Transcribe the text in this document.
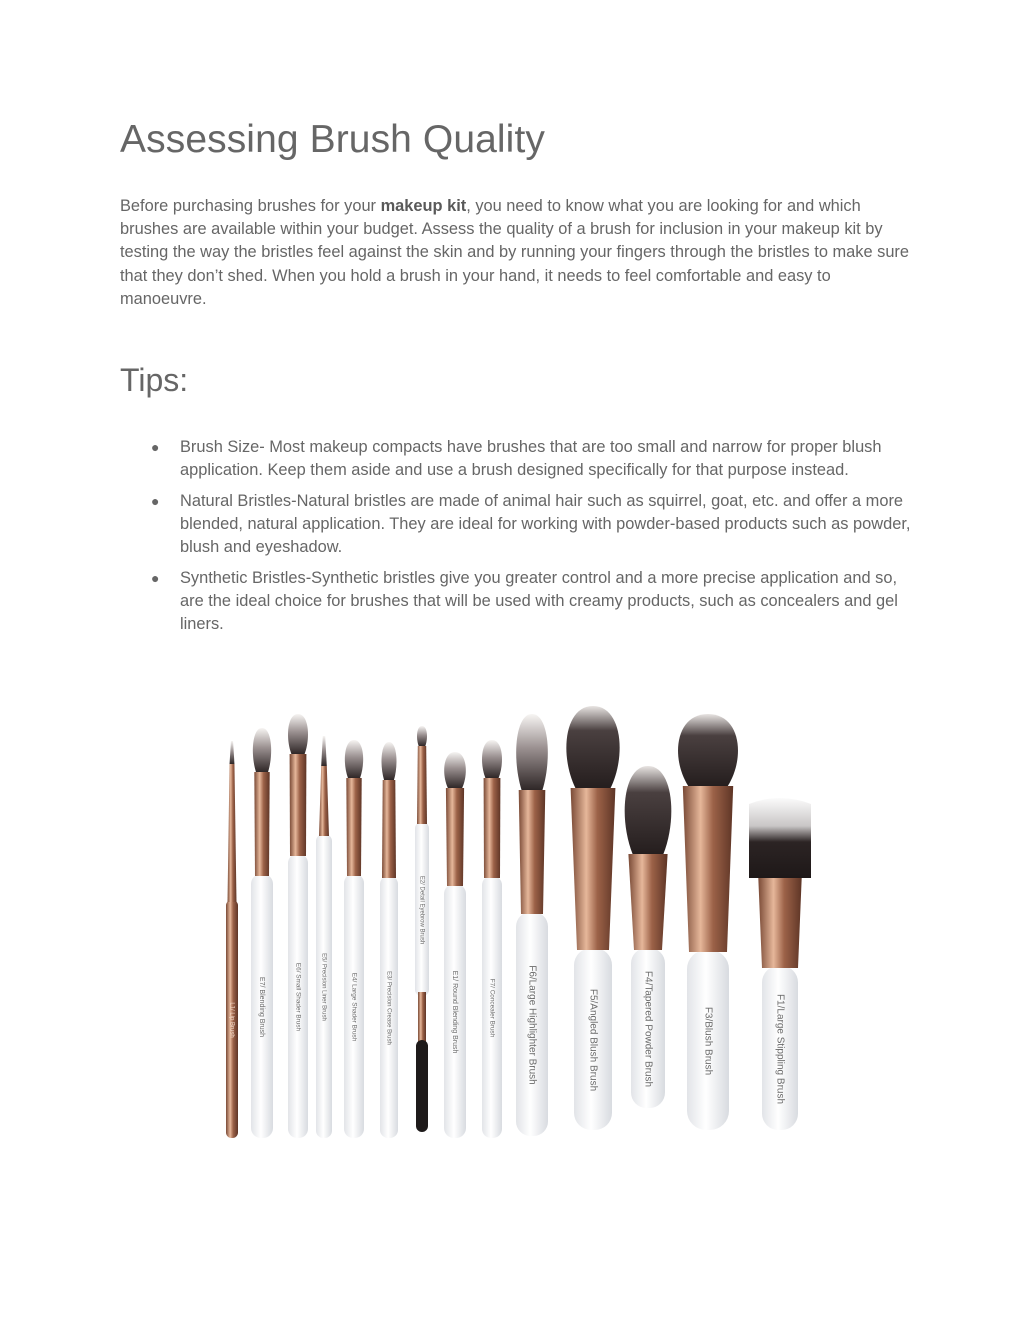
Assessing Brush Quality

Before purchasing brushes for your makeup kit, you need to know what you are looking for and which brushes are available within your budget. Assess the quality of a brush for inclusion in your makeup kit by testing the way the bristles feel against the skin and by running your fingers through the bristles to make sure that they don’t shed. When you hold a brush in your hand, it needs to feel comfortable and easy to manoeuvre.

Tips:
● Brush Size- Most makeup compacts have brushes that are too small and narrow for proper blush application. Keep them aside and use a brush designed specifically for that purpose instead.
● Natural Bristles-Natural bristles are made of animal hair such as squirrel, goat, etc. and offer a more blended, natural application. They are ideal for working with powder-based products such as powder, blush and eyeshadow.
● Synthetic Bristles-Synthetic bristles give you greater control and a more precise application and so, are the ideal choice for brushes that will be used with creamy products, such as concealers and gel liners.
L1/ Lip Brush	E7/ Blending Brush	E6/ Small Shader Brush	E5/ Precision Liner Brush	E4/ Large Shader Brush	E3/ Precision Crease Brush
E2/ Detail Eyebrow Brush
E1/ Round Blending Brush	F7/ Concealer Brush	F6/Large Highlighter Brush	F5/Angled Blush Brush	F4/Tapered Powder Brush	F3/Blush Brush	F1/Large Stippling Brush
